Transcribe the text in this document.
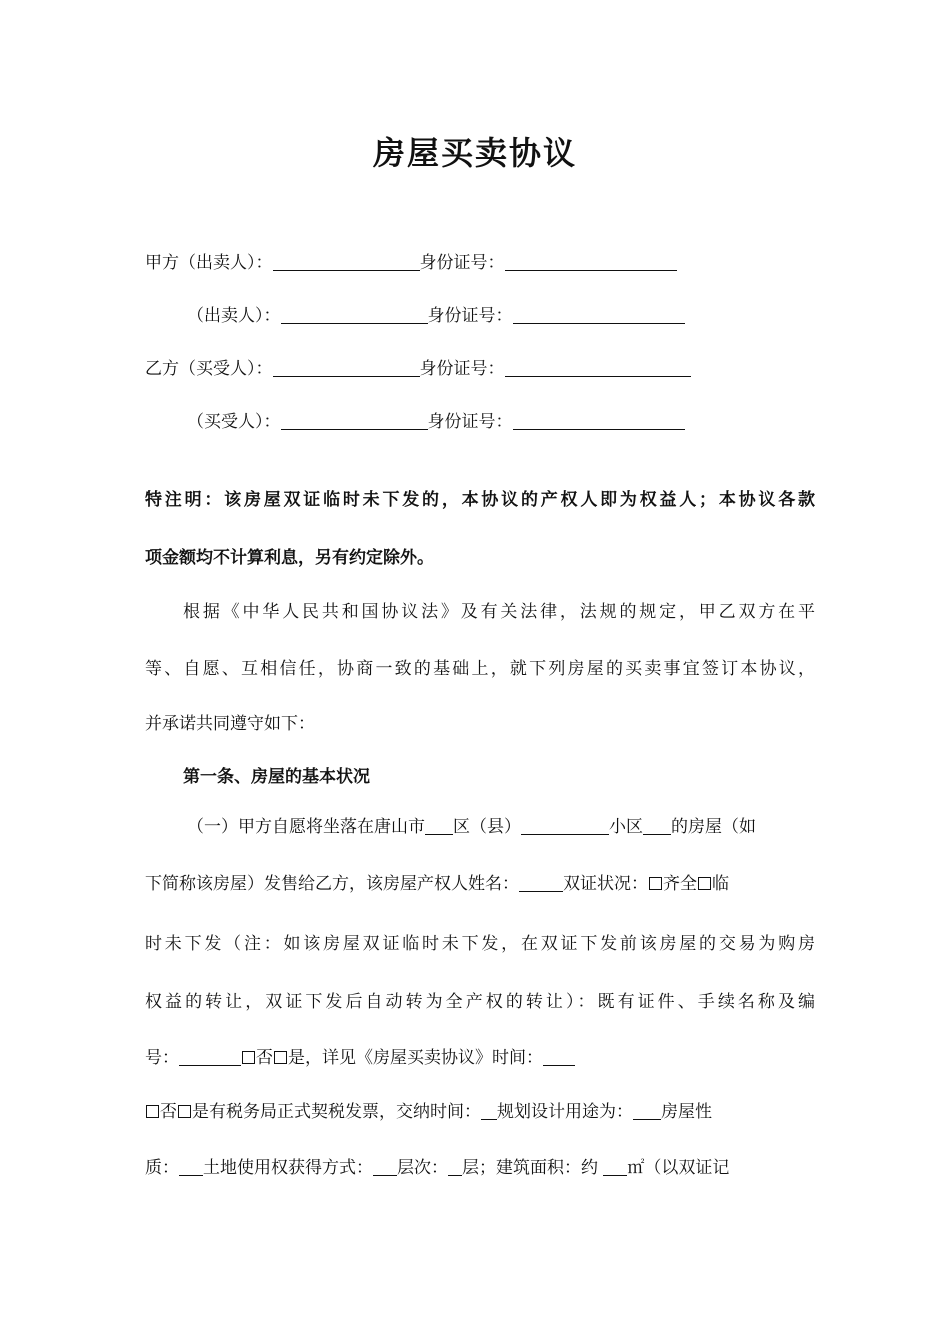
房屋买卖协议
甲方（出卖人）：	身份证号：
（出卖人）：	身份证号：
乙方（买受人）：	身份证号：
（买受人）：	身份证号：
特注明：该房屋双证临时未下发的，本协议的产权人即为权益人；本协议各款
项金额均不计算利息，另有约定除外。
根据《中华人民共和国协议法》及有关法律，法规的规定，甲乙双方在平
等、自愿、互相信任，协商一致的基础上，就下列房屋的买卖事宜签订本协议，
并承诺共同遵守如下：
第一条、房屋的基本状况
（一）甲方自愿将坐落在唐山市 区（县）	小区 的房屋（如
下简称该房屋）发售给乙方，该房屋产权人姓名：	双证状况： 齐全 临
时未下发（注：如该房屋双证临时未下发，在双证下发前该房屋的交易为购房
权益的转让，双证下发后自动转为全产权的转让）：既有证件、手续名称及编
号：	否 是，详见《房屋买卖协议》时间：
否 是有税务局正式契税发票，交纳时间： 规划设计用途为： 房屋性
质： 土地使用权获得方式： 层次： 层；建筑面积：约 ㎡（以双证记
